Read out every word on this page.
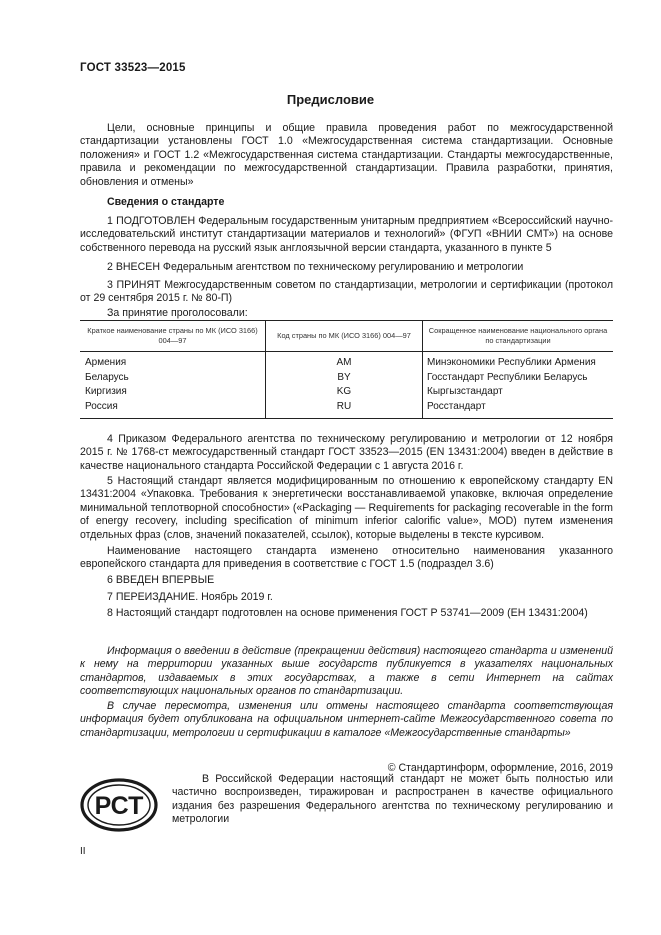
ГОСТ 33523—2015
Предисловие
Цели, основные принципы и общие правила проведения работ по межгосударственной стандартизации установлены ГОСТ 1.0 «Межгосударственная система стандартизации. Основные положения» и ГОСТ 1.2 «Межгосударственная система стандартизации. Стандарты межгосударственные, правила и рекомендации по межгосударственной стандартизации. Правила разработки, принятия, обновления и отмены»
Сведения о стандарте
1 ПОДГОТОВЛЕН Федеральным государственным унитарным предприятием «Всероссийский научно-исследовательский институт стандартизации материалов и технологий» (ФГУП «ВНИИ СМТ») на основе собственного перевода на русский язык англоязычной версии стандарта, указанного в пункте 5
2 ВНЕСЕН Федеральным агентством по техническому регулированию и метрологии
3 ПРИНЯТ Межгосударственным советом по стандартизации, метрологии и сертификации (протокол от 29 сентября 2015 г. № 80-П)
За принятие проголосовали:
Краткое наименование страны по МК (ИСО 3166) 004—97	Код страны по МК (ИСО 3166) 004—97	Сокращенное наименование национального органа по стандартизации
Армения	AM	Минэкономики Республики Армения
Беларусь	BY	Госстандарт Республики Беларусь
Киргизия	KG	Кыргызстандарт
Россия	RU	Росстандарт
4 Приказом Федерального агентства по техническому регулированию и метрологии от 12 ноября 2015 г. № 1768-ст межгосударственный стандарт ГОСТ 33523—2015 (EN 13431:2004) введен в действие в качестве национального стандарта Российской Федерации с 1 августа 2016 г.
5 Настоящий стандарт является модифицированным по отношению к европейскому стандарту EN 13431:2004 «Упаковка. Требования к энергетически восстанавливаемой упаковке, включая определение минимальной теплотворной способности» («Packaging — Requirements for packaging recoverable in the form of energy recovery, including specification of minimum inferior calorific value», MOD) путем изменения отдельных фраз (слов, значений показателей, ссылок), которые выделены в тексте курсивом.
Наименование настоящего стандарта изменено относительно наименования указанного европейского стандарта для приведения в соответствие с ГОСТ 1.5 (подраздел 3.6)
6 ВВЕДЕН ВПЕРВЫЕ
7 ПЕРЕИЗДАНИЕ. Ноябрь 2019 г.
8 Настоящий стандарт подготовлен на основе применения ГОСТ Р 53741—2009 (ЕН 13431:2004)
Информация о введении в действие (прекращении действия) настоящего стандарта и изменений к нему на территории указанных выше государств публикуется в указателях национальных стандартов, издаваемых в этих государствах, а также в сети Интернет на сайтах соответствующих национальных органов по стандартизации.
В случае пересмотра, изменения или отмены настоящего стандарта соответствующая информация будет опубликована на официальном интернет-сайте Межгосударственного совета по стандартизации, метрологии и сертификации в каталоге «Межгосударственные стандарты»
© Стандартинформ, оформление, 2016, 2019
РСТ
В Российской Федерации настоящий стандарт не может быть полностью или частично воспроизведен, тиражирован и распространен в качестве официального издания без разрешения Федерального агентства по техническому регулированию и метрологии
II
